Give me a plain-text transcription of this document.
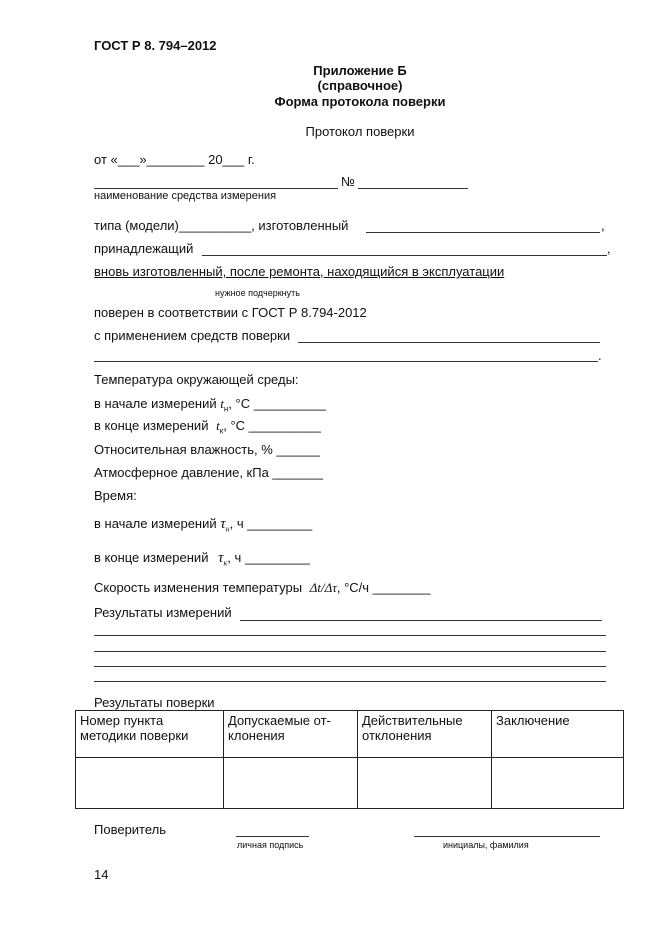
ГОСТ Р 8. 794–2012
Приложение Б
(справочное)
Форма протокола поверки
Протокол поверки
от «___»________ 20___ г.
№
наименование средства измерения
типа (модели)__________, изготовленный	,
принадлежащий	,
вновь изготовленный, после ремонта, находящийся в эксплуатации
нужное подчеркнуть
поверен в соответствии с ГОСТ Р 8.794-2012
с применением средств поверки
.
Температура окружающей среды:
в начале измерений $t_н$, °С __________
в конце измерений $t_к$, °С __________
Относительная влажность, % ______
Атмосферное давление, кПа _______
Время:
в начале измерений $\tau_н$, ч _________
в конце измерений $\tau_к$, ч _________
Скорость изменения температуры Δt/Δτ, °С/ч ________
Результаты измерений
Результаты поверки
Номер пункта методики поверки	Допускаемые от-клонения	Действительные отклонения	Заключение

Поверитель
личная подпись	инициалы, фамилия
14
